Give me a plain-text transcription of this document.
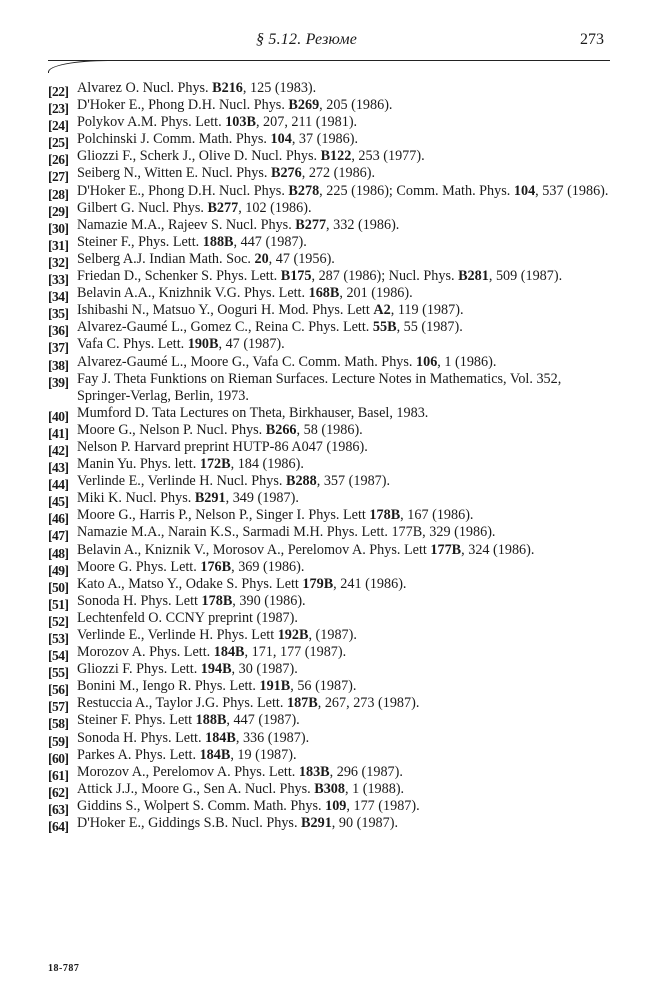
§ 5.12. Резюме	273
[22] Alvarez O. Nucl. Phys. B216, 125 (1983).
[23] D'Hoker E., Phong D.H. Nucl. Phys. B269, 205 (1986).
[24] Polykov A.M. Phys. Lett. 103B, 207, 211 (1981).
[25] Polchinski J. Comm. Math. Phys. 104, 37 (1986).
[26] Gliozzi F., Scherk J., Olive D. Nucl. Phys. B122, 253 (1977).
[27] Seiberg N., Witten E. Nucl. Phys. B276, 272 (1986).
[28] D'Hoker E., Phong D.H. Nucl. Phys. B278, 225 (1986); Comm. Math. Phys. 104, 537 (1986).
[29] Gilbert G. Nucl. Phys. B277, 102 (1986).
[30] Namazie M.A., Rajeev S. Nucl. Phys. B277, 332 (1986).
[31] Steiner F., Phys. Lett. 188B, 447 (1987).
[32] Selberg A.J. Indian Math. Soc. 20, 47 (1956).
[33] Friedan D., Schenker S. Phys. Lett. B175, 287 (1986); Nucl. Phys. B281, 509 (1987).
[34] Belavin A.A., Knizhnik V.G. Phys. Lett. 168B, 201 (1986).
[35] Ishibashi N., Matsuo Y., Ooguri H. Mod. Phys. Lett A2, 119 (1987).
[36] Alvarez-Gaumé L., Gomez C., Reina C. Phys. Lett. 55B, 55 (1987).
[37] Vafa C. Phys. Lett. 190B, 47 (1987).
[38] Alvarez-Gaumé L., Moore G., Vafa C. Comm. Math. Phys. 106, 1 (1986).
[39] Fay J. Theta Funktions on Rieman Surfaces. Lecture Notes in Mathematics, Vol. 352, Springer-Verlag, Berlin, 1973.
[40] Mumford D. Tata Lectures on Theta, Birkhauser, Basel, 1983.
[41] Moore G., Nelson P. Nucl. Phys. B266, 58 (1986).
[42] Nelson P. Harvard preprint HUTP-86 A047 (1986).
[43] Manin Yu. Phys. lett. 172B, 184 (1986).
[44] Verlinde E., Verlinde H. Nucl. Phys. B288, 357 (1987).
[45] Miki K. Nucl. Phys. B291, 349 (1987).
[46] Moore G., Harris P., Nelson P., Singer I. Phys. Lett 178B, 167 (1986).
[47] Namazie M.A., Narain K.S., Sarmadi M.H. Phys. Lett. 177B, 329 (1986).
[48] Belavin A., Kniznik V., Morosov A., Perelomov A. Phys. Lett 177B, 324 (1986).
[49] Moore G. Phys. Lett. 176B, 369 (1986).
[50] Kato A., Matso Y., Odake S. Phys. Lett 179B, 241 (1986).
[51] Sonoda H. Phys. Lett 178B, 390 (1986).
[52] Lechtenfeld O. CCNY preprint (1987).
[53] Verlinde E., Verlinde H. Phys. Lett 192B, (1987).
[54] Morozov A. Phys. Lett. 184B, 171, 177 (1987).
[55] Gliozzi F. Phys. Lett. 194B, 30 (1987).
[56] Bonini M., Iengo R. Phys. Lett. 191B, 56 (1987).
[57] Restuccia A., Taylor J.G. Phys. Lett. 187B, 267, 273 (1987).
[58] Steiner F. Phys. Lett 188B, 447 (1987).
[59] Sonoda H. Phys. Lett. 184B, 336 (1987).
[60] Parkes A. Phys. Lett. 184B, 19 (1987).
[61] Morozov A., Perelomov A. Phys. Lett. 183B, 296 (1987).
[62] Attick J.J., Moore G., Sen A. Nucl. Phys. B308, 1 (1988).
[63] Giddins S., Wolpert S. Comm. Math. Phys. 109, 177 (1987).
[64] D'Hoker E., Giddings S.B. Nucl. Phys. B291, 90 (1987).
18-787
